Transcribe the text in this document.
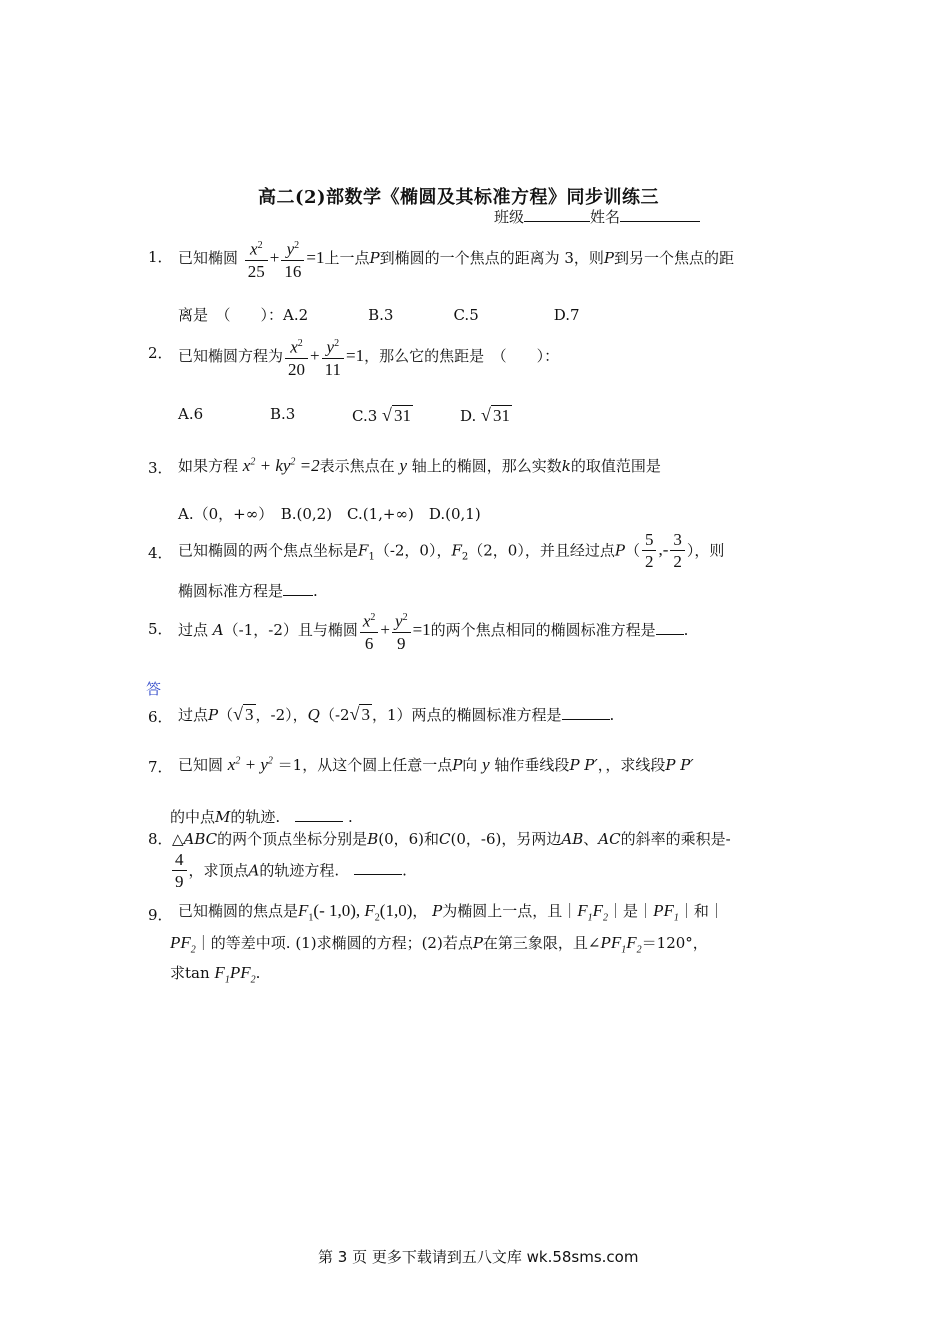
高二(2)部数学《椭圆及其标准方程》同步训练三
班级	姓名
1． 已知椭圆 $\frac{x^2}{25} + \frac{y^2}{16} =1$上一点P到椭圆的一个焦点的距离为 3，则P到另一个焦点的距
离是　（　　）：A.2　　　　B.3　　　　C.5　　　　　D.7
2． 已知椭圆方程为 $\frac{x^2}{20} + \frac{y^2}{11} =1$，那么它的焦距是　（　　）：
A.6	B.3	C.3 √ 31	D. √ 31
3． 如果方程 $x^2 + ky^2 =2$表示焦点在 y 轴上的椭圆，那么实数k的取值范围是
A.（0，+∞）　B.(0,2)　C.(1,+∞)　D.(0,1)
4． 已知椭圆的两个焦点坐标是$F_1(-2$，0），$F_2(2$，0），并且经过点$P( \frac{5}{2}$ ,- $\frac{3}{2}$ ），则
椭圆标准方程是 .
5． 过点 A（-1，-2）且与椭圆 $\frac{x^2}{6} + \frac{y^2}{9} =1$的两个焦点相同的椭圆标准方程是 .
答
6． 过点P（√ 3 ，-2），Q（-2√ 3 ，1）两点的椭圆标准方程是	.
7． 已知圆 $x^2 + y^2 =1$，从这个圆上任意一点P向 y 轴作垂线段P P′，，求线段P P′
的中点M的轨迹.　	.
8． △ABC的两个顶点坐标分别是B(0，6)和C(0，-6)，另两边AB、AC的斜率的乘积是-
$\frac{4}{9}$ ，求顶点A的轨迹方程.　	.
9． 已知椭圆的焦点是$F_1(-$ 1,0), $F_2(1,0)$， P为椭圆上一点，且$|F_1F_2|$是$|PF_1|$和｜
$PF_2|$的等差中项. (1)求椭圆的方程；(2)若点P在第三象限，且$\angle PF_1F_2=120^\circ$，
求$\tan F_1PF_2$.
第 3 页 更多下载请到五八文库 wk.58sms.com
